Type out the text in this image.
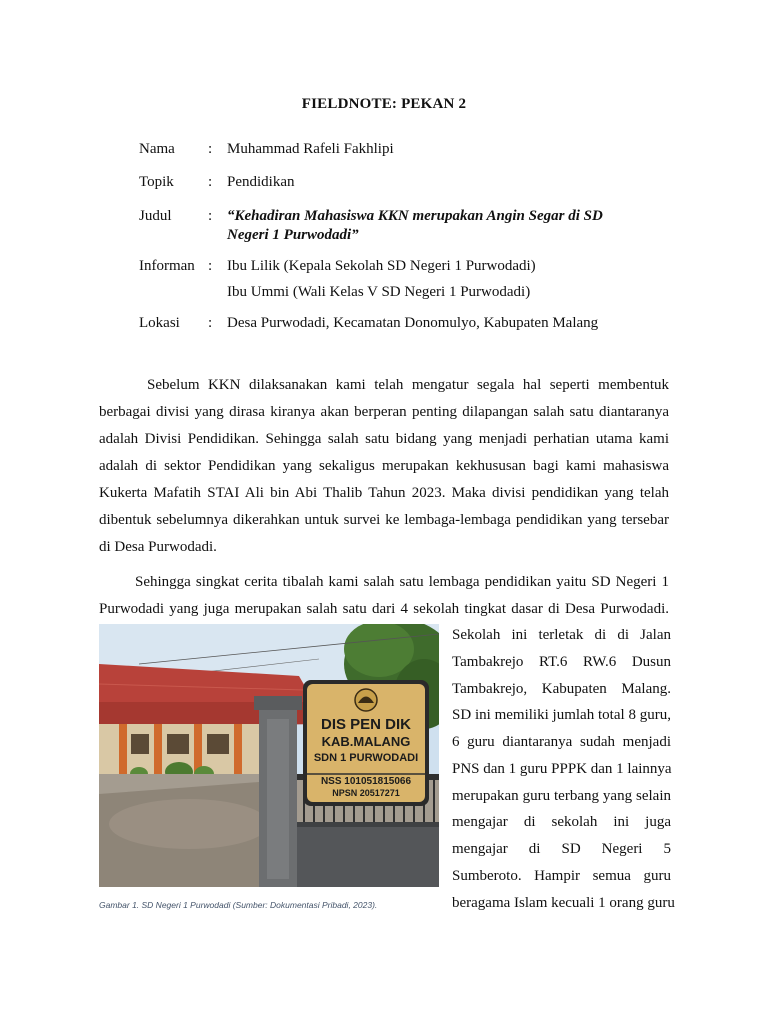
FIELDNOTE: PEKAN 2
Nama	: Muhammad Rafeli Fakhlipi
Topik	: Pendidikan
Judul	: “Kehadiran Mahasiswa KKN merupakan Angin Segar di SD
Negeri 1 Purwodadi”
Informan : Ibu Lilik (Kepala Sekolah SD Negeri 1 Purwodadi)
Ibu Ummi (Wali Kelas V SD Negeri 1 Purwodadi)
Lokasi	: Desa Purwodadi, Kecamatan Donomulyo, Kabupaten Malang
Sebelum KKN dilaksanakan kami telah mengatur segala hal seperti membentuk
berbagai divisi yang dirasa kiranya akan berperan penting dilapangan salah satu diantaranya
adalah Divisi Pendidikan. Sehingga salah satu bidang yang menjadi perhatian utama kami
adalah di sektor Pendidikan yang sekaligus merupakan kekhususan bagi kami mahasiswa
Kukerta Mafatih STAI Ali bin Abi Thalib Tahun 2023. Maka divisi pendidikan yang telah
dibentuk sebelumnya dikerahkan untuk survei ke lembaga-lembaga pendidikan yang tersebar
di Desa Purwodadi.
Sehingga singkat cerita tibalah kami salah satu lembaga pendidikan yaitu SD Negeri 1
Purwodadi yang juga merupakan salah satu dari 4 sekolah tingkat dasar di Desa Purwodadi.
Sekolah ini terletak di di Jalan
Tambakrejo RT.6 RW.6 Dusun
Tambakrejo, Kabupaten Malang.
SD ini memiliki jumlah total 8 guru,
6 guru diantaranya sudah menjadi
PNS dan 1 guru PPPK dan 1 lainnya
merupakan guru terbang yang selain
mengajar di sekolah ini juga
mengajar di SD Negeri 5
Sumberoto. Hampir semua guru
beragama Islam kecuali 1 orang guru
DIS PEN DIK
KAB.MALANG
SDN 1 PURWODADI
NSS 101051815066
NPSN 20517271
Gambar 1. SD Negeri 1 Purwodadi (Sumber: Dokumentasi Pribadi, 2023).
